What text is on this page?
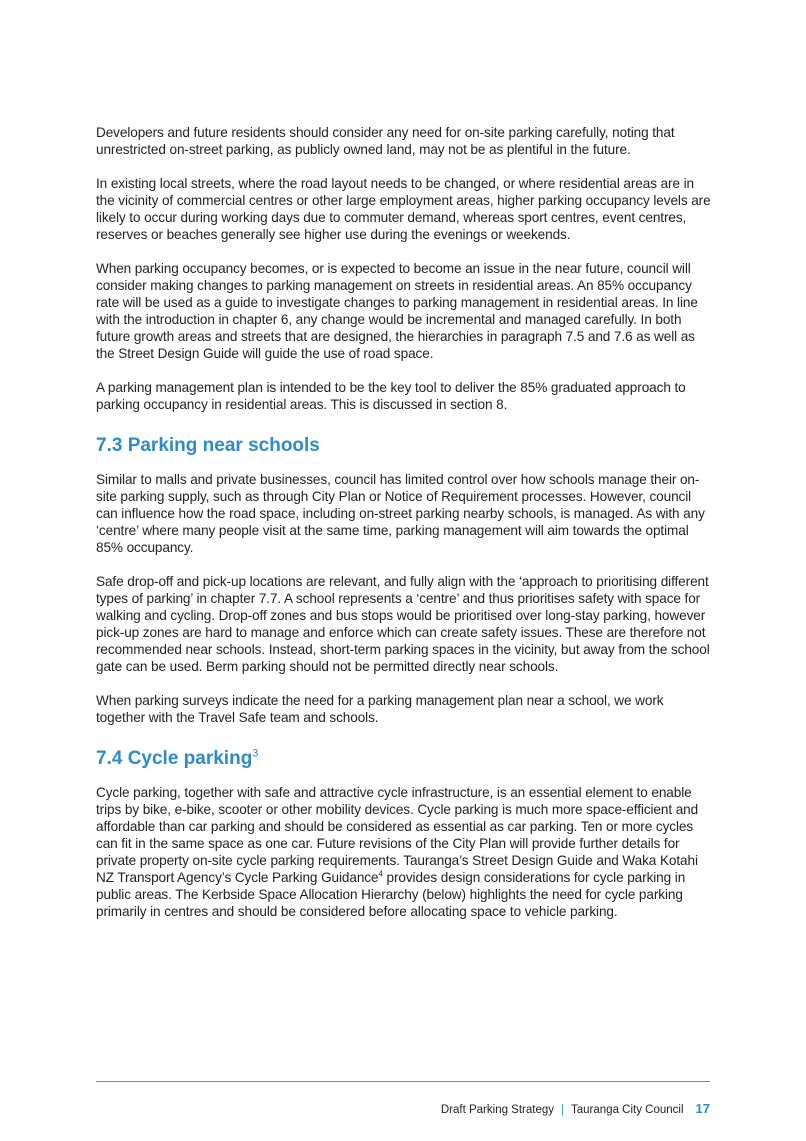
Developers and future residents should consider any need for on-site parking carefully, noting that unrestricted on-street parking, as publicly owned land, may not be as plentiful in the future.

In existing local streets, where the road layout needs to be changed, or where residential areas are in the vicinity of commercial centres or other large employment areas, higher parking occupancy levels are likely to occur during working days due to commuter demand, whereas sport centres, event centres, reserves or beaches generally see higher use during the evenings or weekends.

When parking occupancy becomes, or is expected to become an issue in the near future, council will consider making changes to parking management on streets in residential areas. An 85% occupancy rate will be used as a guide to investigate changes to parking management in residential areas. In line with the introduction in chapter 6, any change would be incremental and managed carefully. In both future growth areas and streets that are designed, the hierarchies in paragraph 7.5 and 7.6 as well as the Street Design Guide will guide the use of road space.

A parking management plan is intended to be the key tool to deliver the 85% graduated approach to parking occupancy in residential areas. This is discussed in section 8.

7.3 Parking near schools

Similar to malls and private businesses, council has limited control over how schools manage their on-site parking supply, such as through City Plan or Notice of Requirement processes. However, council can influence how the road space, including on-street parking nearby schools, is managed. As with any ‘centre’ where many people visit at the same time, parking management will aim towards the optimal 85% occupancy.

Safe drop-off and pick-up locations are relevant, and fully align with the ‘approach to prioritising different types of parking’ in chapter 7.7. A school represents a ‘centre’ and thus prioritises safety with space for walking and cycling. Drop-off zones and bus stops would be prioritised over long-stay parking, however pick-up zones are hard to manage and enforce which can create safety issues. These are therefore not recommended near schools. Instead, short-term parking spaces in the vicinity, but away from the school gate can be used. Berm parking should not be permitted directly near schools.

When parking surveys indicate the need for a parking management plan near a school, we work together with the Travel Safe team and schools.

7.4 Cycle parking$^3$

Cycle parking, together with safe and attractive cycle infrastructure, is an essential element to enable trips by bike, e-bike, scooter or other mobility devices. Cycle parking is much more space-efficient and affordable than car parking and should be considered as essential as car parking. Ten or more cycles can fit in the same space as one car. Future revisions of the City Plan will provide further details for private property on-site cycle parking requirements. Tauranga’s Street Design Guide and Waka Kotahi NZ Transport Agency’s Cycle Parking Guidance$^4$ provides design considerations for cycle parking in public areas. The Kerbside Space Allocation Hierarchy (below) highlights the need for cycle parking primarily in centres and should be considered before allocating space to vehicle parking.

Draft Parking Strategy | Tauranga City Council 17
